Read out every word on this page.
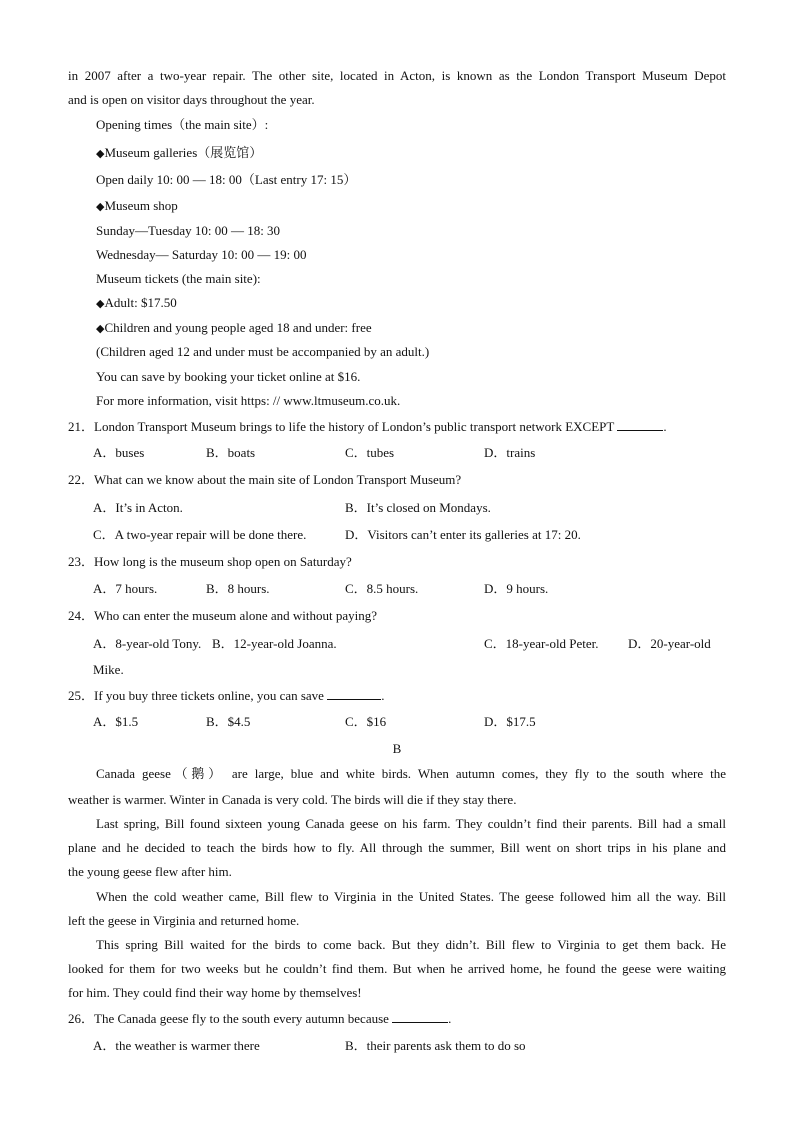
in 2007 after a two-year repair. The other site, located in Acton, is known as the London Transport Museum Depot
and is open on visitor days throughout the year.
Opening times（the main site）:
◆Museum galleries（展览馆）
Open daily 10: 00 — 18: 00（Last entry 17: 15）
◆Museum shop
Sunday—Tuesday 10: 00 — 18: 30
Wednesday— Saturday 10: 00 — 19: 00
Museum tickets (the main site):
◆Adult: $17.50
◆Children and young people aged 18 and under: free
(Children aged 12 and under must be accompanied by an adult.)
You can save by booking your ticket online at $16.
For more information, visit https: // www.ltmuseum.co.uk.
21．London Transport Museum brings to life the history of London’s public transport network EXCEPT	.
A．buses	B．boats	C．tubes	D．trains
22．What can we know about the main site of London Transport Museum?
A．It’s in Acton.	B．It’s closed on Mondays.
C．A two-year repair will be done there.	D．Visitors can’t enter its galleries at 17: 20.
23．How long is the museum shop open on Saturday?
A．7 hours.	B．8 hours.	C．8.5 hours.	D．9 hours.
24．Who can enter the museum alone and without paying?
A．8-year-old Tony. B．12-year-old Joanna.	C．18-year-old Peter. D．20-year-old
Mike.
25．If you buy three tickets online, you can save	.
A．$1.5	B．$4.5	C．$16	D．$17.5
B
Canada geese（鹅） are large, blue and white birds. When autumn comes, they fly to the south where the
weather is warmer. Winter in Canada is very cold. The birds will die if they stay there.
Last spring, Bill found sixteen young Canada geese on his farm. They couldn’t find their parents. Bill had a small
plane and he decided to teach the birds how to fly. All through the summer, Bill went on short trips in his plane and
the young geese flew after him.
When the cold weather came, Bill flew to Virginia in the United States. The geese followed him all the way. Bill
left the geese in Virginia and returned home.
This spring Bill waited for the birds to come back. But they didn’t. Bill flew to Virginia to get them back. He
looked for them for two weeks but he couldn’t find them. But when he arrived home, he found the geese were waiting
for him. They could find their way home by themselves!
26．The Canada geese fly to the south every autumn because	.
A．the weather is warmer there	B．their parents ask them to do so
